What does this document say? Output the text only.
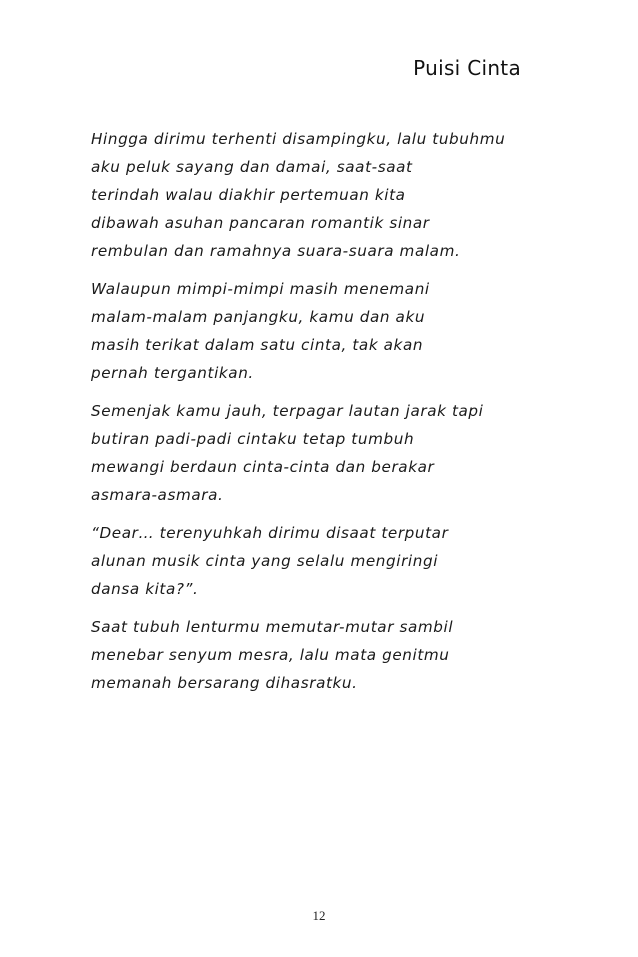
Puisi Cinta

Hingga dirimu terhenti disampingku, lalu tubuhmu
aku peluk sayang dan damai, saat-saat
terindah walau diakhir pertemuan kita
dibawah asuhan pancaran romantik sinar
rembulan dan ramahnya suara-suara malam.

Walaupun mimpi-mimpi masih menemani
malam-malam panjangku, kamu dan aku
masih terikat dalam satu cinta, tak akan
pernah tergantikan.

Semenjak kamu jauh, terpagar lautan jarak tapi
butiran padi-padi cintaku tetap tumbuh
mewangi berdaun cinta-cinta dan berakar
asmara-asmara.

“Dear… terenyuhkah dirimu disaat terputar
alunan musik cinta yang selalu mengiringi
dansa kita?”.

Saat tubuh lenturmu memutar-mutar sambil
menebar senyum mesra, lalu mata genitmu
memanah bersarang dihasratku.

12
